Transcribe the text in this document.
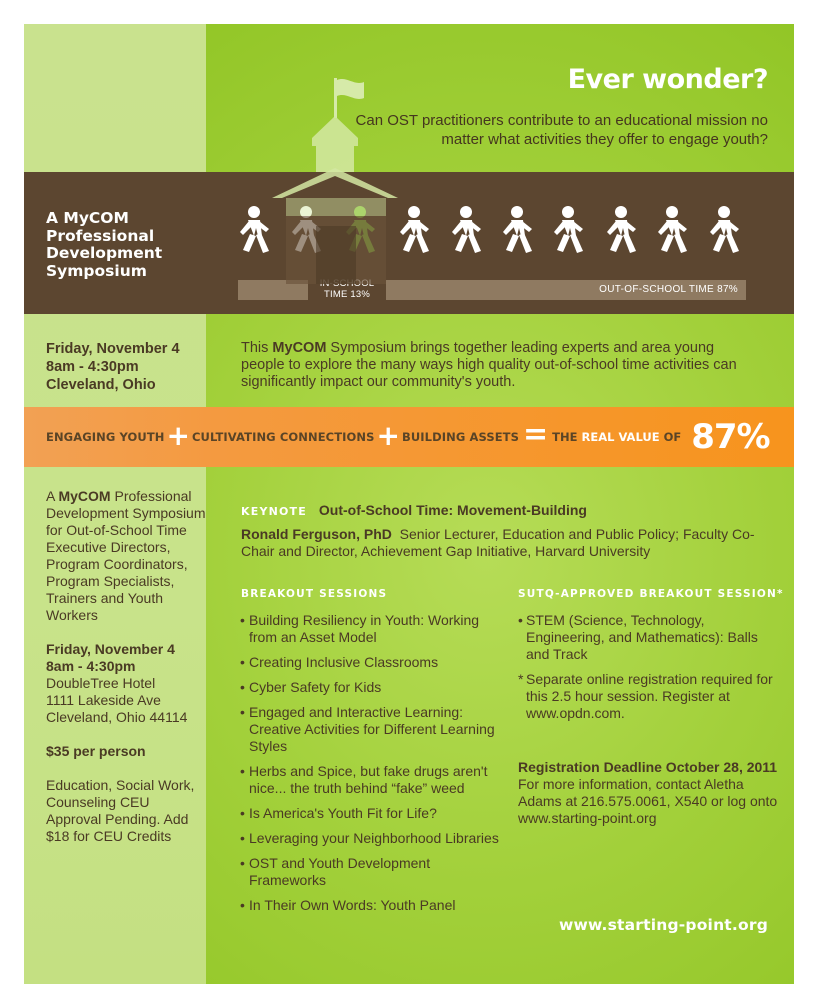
Ever wonder?
Can OST practitioners contribute to an educational mission no matter what activities they offer to engage youth?
A MyCOM
Professional
Development
Symposium
OUT-OF-SCHOOL TIME 87%
TIME 13%
Friday, November 4
8am - 4:30pm
Cleveland, Ohio
This MyCOM Symposium brings together leading experts and area young people to explore the many ways high quality out-of-school time activities can significantly impact our community's youth.
ENGAGING YOUTH + CULTIVATING CONNECTIONS + BUILDING ASSETS = THE REAL VALUE OF 87%

A MyCOM Professional Development Symposium for Out-of-School Time Executive Directors, Program Coordinators, Program Specialists, Trainers and Youth Workers

Friday, November 4
8am - 4:30pm
DoubleTree Hotel
1111 Lakeside Ave
Cleveland, Ohio 44114

$35 per person

Education, Social Work, Counseling CEU Approval Pending. Add $18 for CEU Credits

KEYNOTE Out-of-School Time: Movement-Building
Ronald Ferguson, PhD Senior Lecturer, Education and Public Policy; Faculty Co-Chair and Director, Achievement Gap Initiative, Harvard University
BREAKOUT SESSIONS
• Building Resiliency in Youth: Working from an Asset Model
• Creating Inclusive Classrooms
• Cyber Safety for Kids
• Engaged and Interactive Learning: Creative Activities for Different Learning Styles
• Herbs and Spice, but fake drugs aren't nice... the truth behind “fake” weed
• Is America's Youth Fit for Life?
• Leveraging your Neighborhood Libraries
• OST and Youth Development Frameworks
• In Their Own Words: Youth Panel
SUTQ-APPROVED BREAKOUT SESSION*
• STEM (Science, Technology, Engineering, and Mathematics): Balls and Track
* Separate online registration required for this 2.5 hour session. Register at www.opdn.com.
Registration Deadline October 28, 2011
For more information, contact Aletha Adams at 216.575.0061, X540 or log onto www.starting-point.org
www.starting-point.org
